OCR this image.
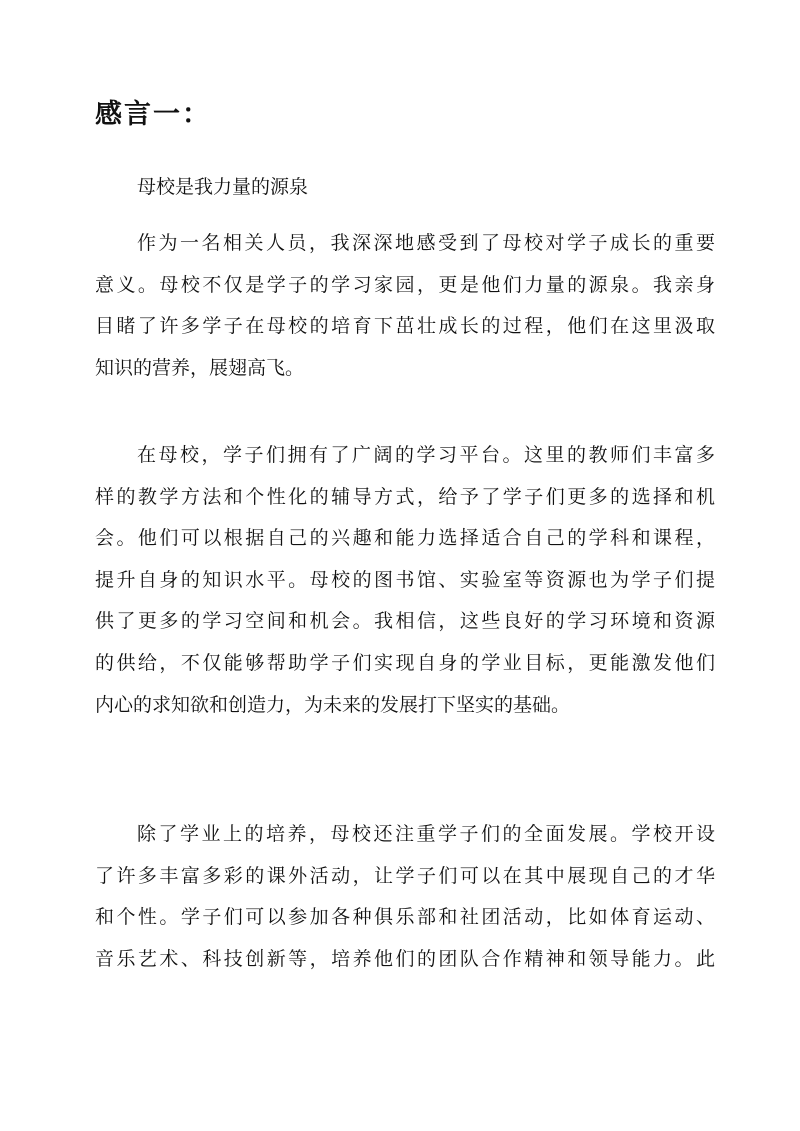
感言一：

母校是我力量的源泉

作为一名相关人员，我深深地感受到了母校对学子成长的重要
意义。母校不仅是学子的学习家园，更是他们力量的源泉。我亲身
目睹了许多学子在母校的培育下茁壮成长的过程，他们在这里汲取
知识的营养，展翅高飞。

在母校，学子们拥有了广阔的学习平台。这里的教师们丰富多
样的教学方法和个性化的辅导方式，给予了学子们更多的选择和机
会。他们可以根据自己的兴趣和能力选择适合自己的学科和课程，
提升自身的知识水平。母校的图书馆、实验室等资源也为学子们提
供了更多的学习空间和机会。我相信，这些良好的学习环境和资源
的供给，不仅能够帮助学子们实现自身的学业目标，更能激发他们
内心的求知欲和创造力，为未来的发展打下坚实的基础。

除了学业上的培养，母校还注重学子们的全面发展。学校开设
了许多丰富多彩的课外活动，让学子们可以在其中展现自己的才华
和个性。学子们可以参加各种俱乐部和社团活动，比如体育运动、
音乐艺术、科技创新等，培养他们的团队合作精神和领导能力。此
